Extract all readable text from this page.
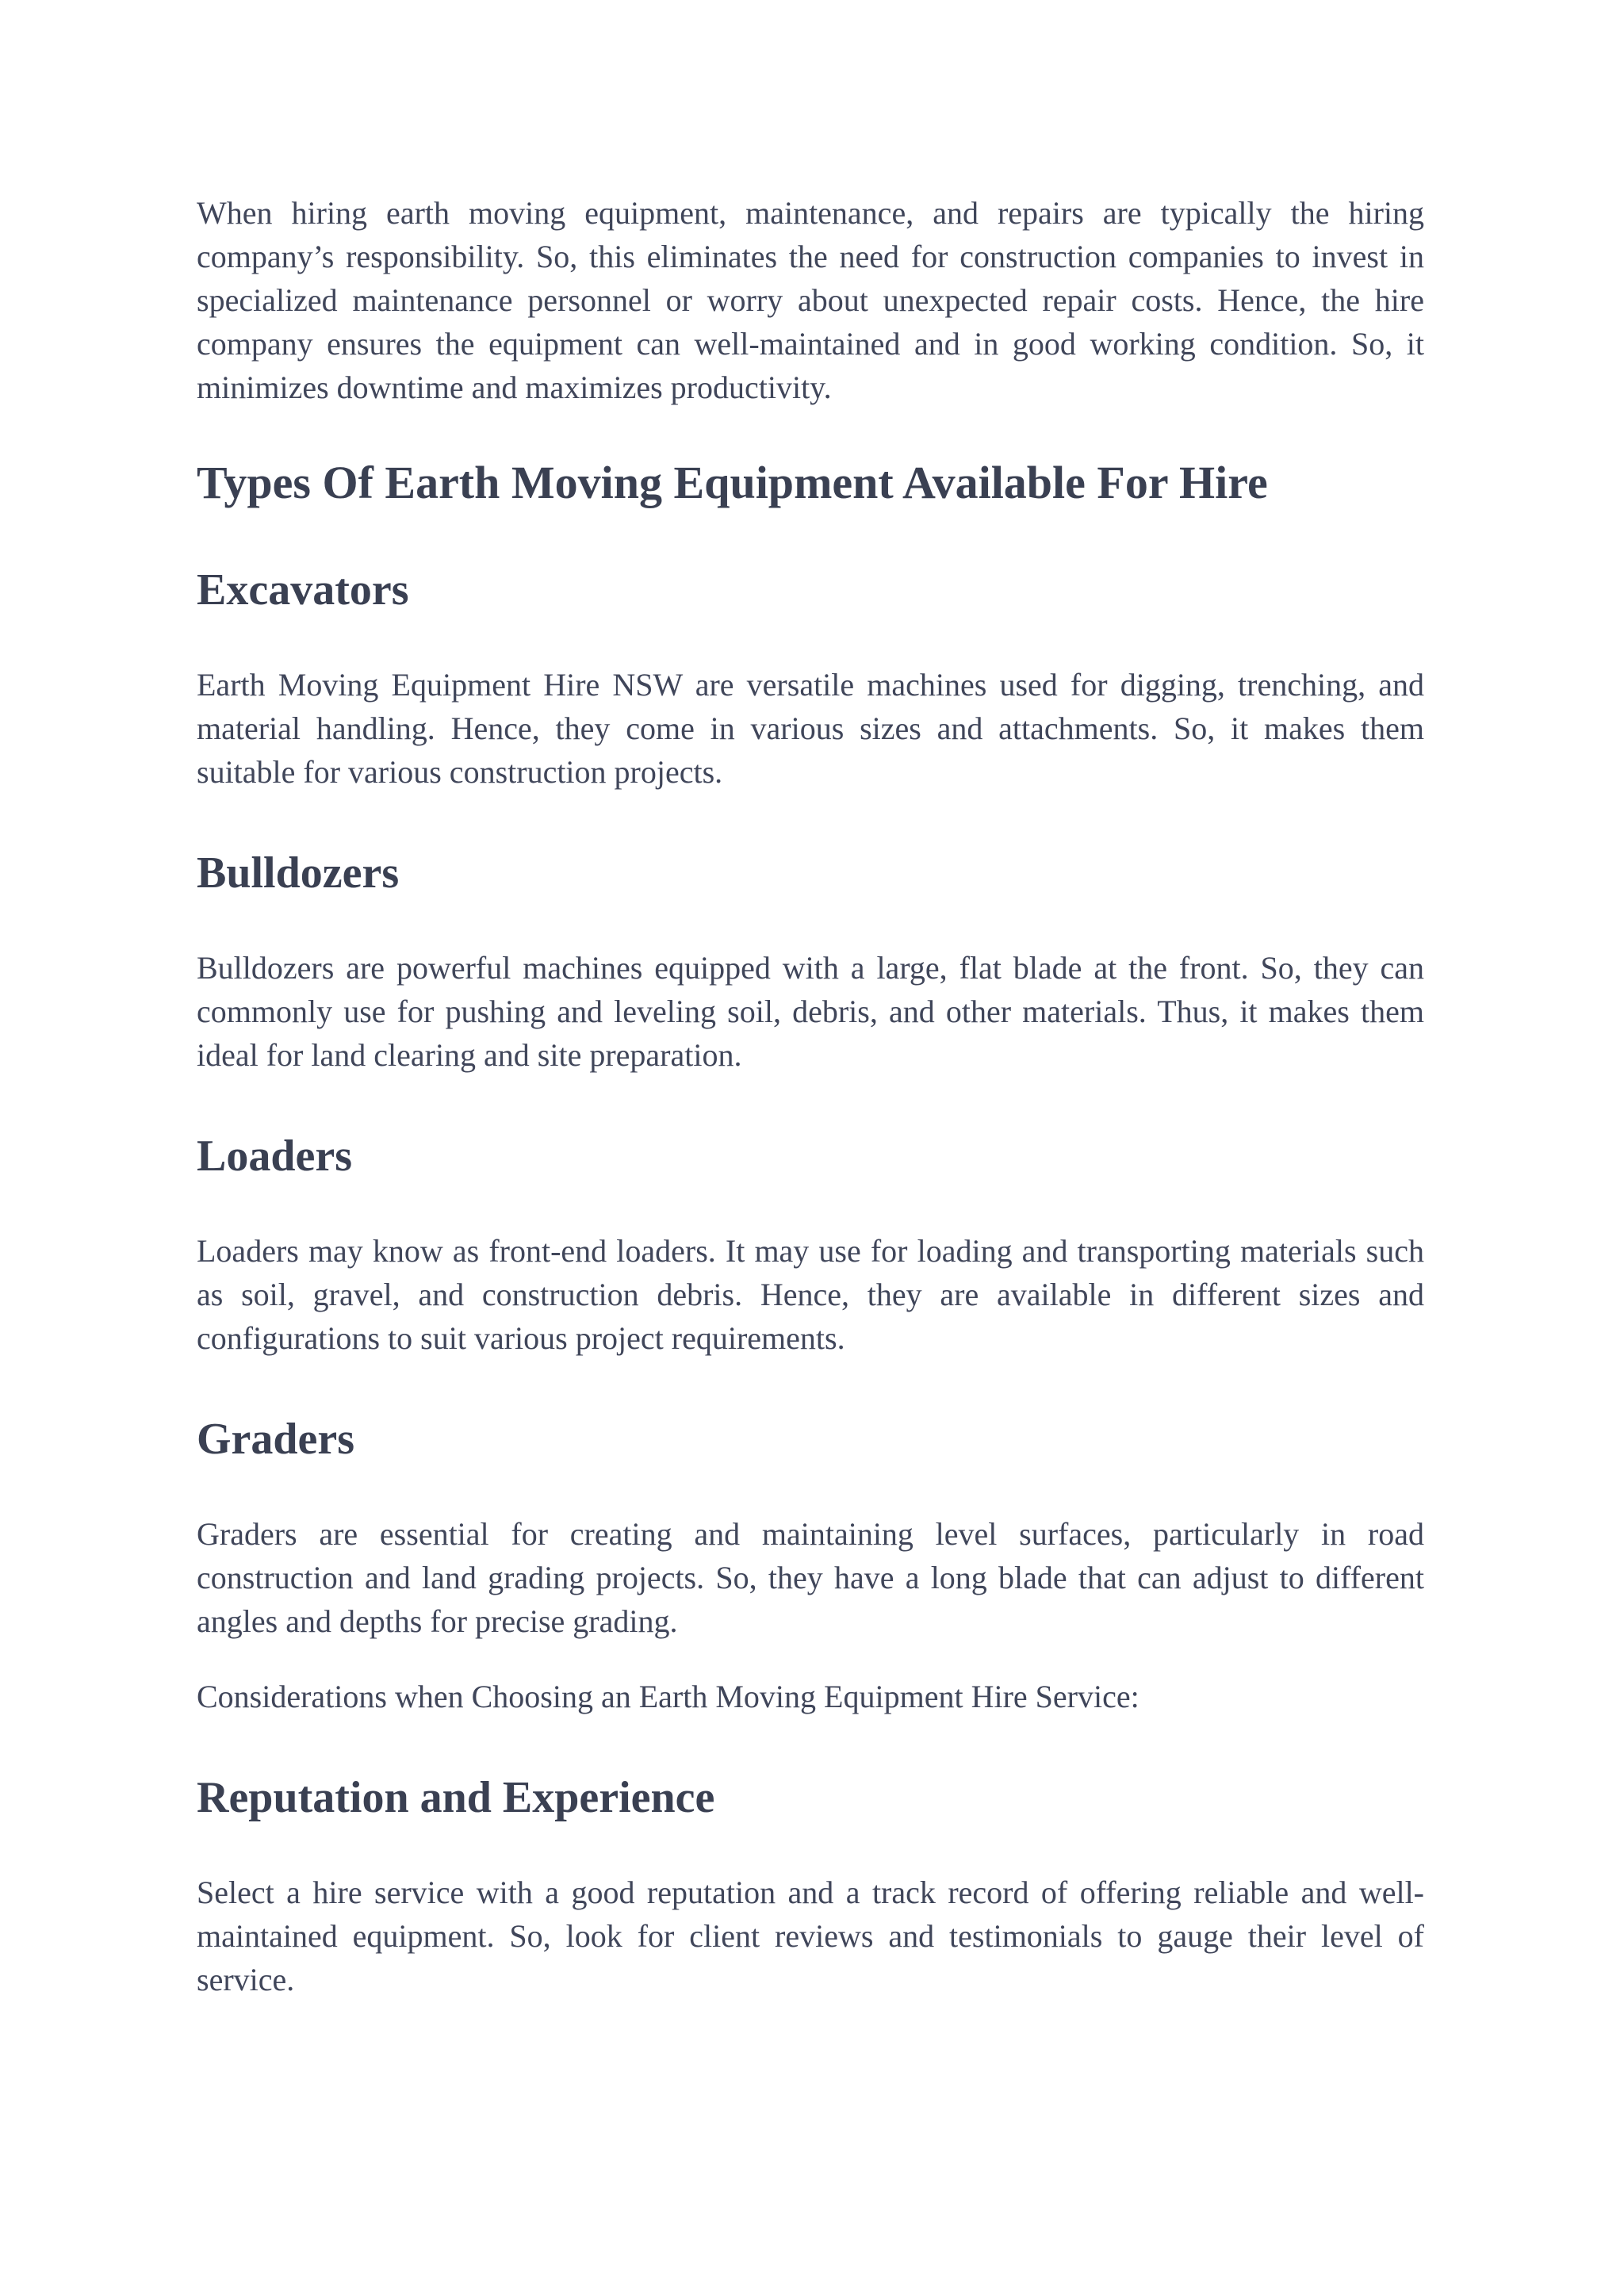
When hiring earth moving equipment, maintenance, and repairs are typically the hiring company’s responsibility. So, this eliminates the need for construction companies to invest in specialized maintenance personnel or worry about unexpected repair costs. Hence, the hire company ensures the equipment can well-maintained and in good working condition. So, it minimizes downtime and maximizes productivity.

Types Of Earth Moving Equipment Available For Hire
Excavators

Earth Moving Equipment Hire NSW are versatile machines used for digging, trenching, and material handling. Hence, they come in various sizes and attachments. So, it makes them suitable for various construction projects.

Bulldozers

Bulldozers are powerful machines equipped with a large, flat blade at the front. So, they can commonly use for pushing and leveling soil, debris, and other materials. Thus, it makes them ideal for land clearing and site preparation.

Loaders

Loaders may know as front-end loaders. It may use for loading and transporting materials such as soil, gravel, and construction debris. Hence, they are available in different sizes and configurations to suit various project requirements.

Graders

Graders are essential for creating and maintaining level surfaces, particularly in road construction and land grading projects. So, they have a long blade that can adjust to different angles and depths for precise grading.

Considerations when Choosing an Earth Moving Equipment Hire Service:

Reputation and Experience

Select a hire service with a good reputation and a track record of offering reliable and well-maintained equipment. So, look for client reviews and testimonials to gauge their level of service.
